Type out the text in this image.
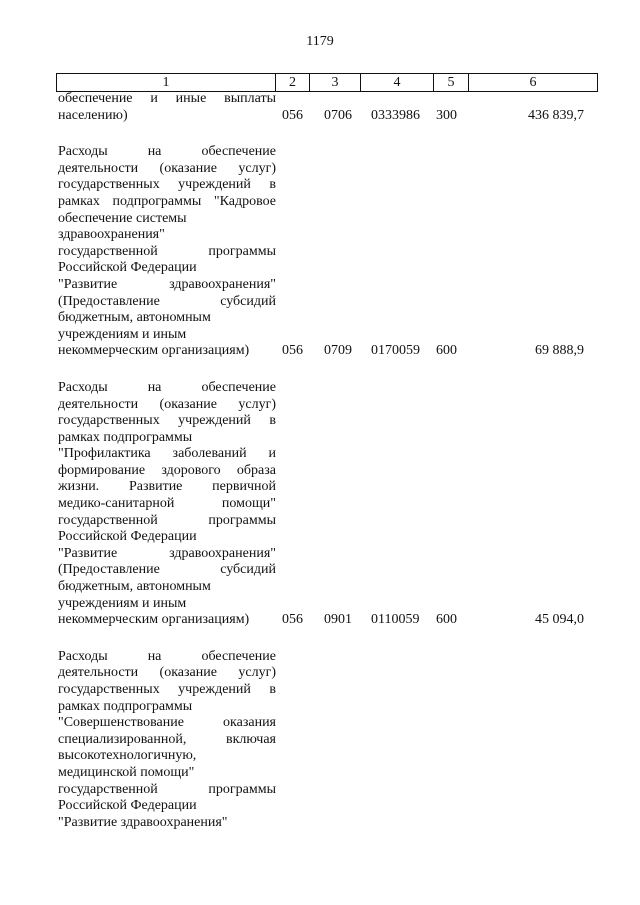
1179
1	2	3	4	5	6
обеспечение и иные выплаты
населению)	056 0706 0333986 300	436 839,7
Расходы на обеспечение
деятельности (оказание услуг)
государственных учреждений в
рамках подпрограммы "Кадровое
обеспечение системы
здравоохранения"
государственной программы
Российской Федерации
"Развитие здравоохранения"
(Предоставление субсидий
бюджетным, автономным
учреждениям и иным
некоммерческим организациям)	056 0709 0170059 600	69 888,9
Расходы на обеспечение
деятельности (оказание услуг)
государственных учреждений в
рамках подпрограммы
"Профилактика заболеваний и
формирование здорового образа
жизни. Развитие первичной
медико-санитарной помощи"
государственной программы
Российской Федерации
"Развитие здравоохранения"
(Предоставление субсидий
бюджетным, автономным
учреждениям и иным
некоммерческим организациям)	056 0901 0110059 600	45 094,0
Расходы на обеспечение
деятельности (оказание услуг)
государственных учреждений в
рамках подпрограммы
"Совершенствование оказания
специализированной, включая
высокотехнологичную,
медицинской помощи"
государственной программы
Российской Федерации
"Развитие здравоохранения"
